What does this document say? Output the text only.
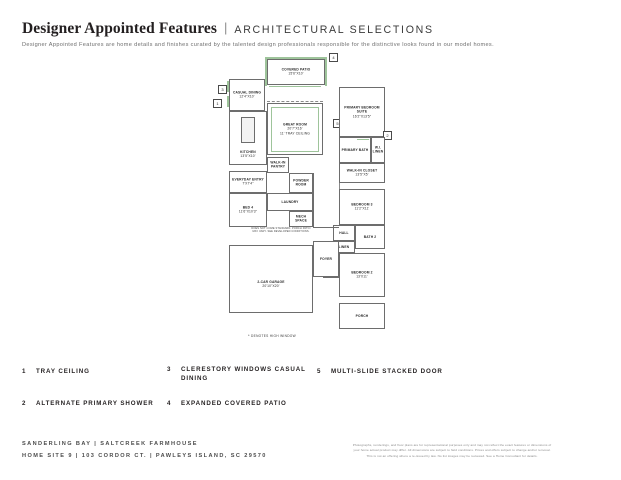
Designer Appointed Features | ARCHITECTURAL SELECTIONS
Designer Appointed Features are home details and finishes curated by the talented design professionals responsible for the distinctive looks found in our model homes.
COVERED PATIO
15'6"X10'
4
CASUAL DINING
12'4"X10'
3
GREAT ROOM
20'7"X16'
11' TRAY CEILING
1
5
PRIMARY BEDROOM SUITE
16'2"X13'5"
PRIMARY BATH
2
W.I. LINEN
WALK-IN CLOSET
13'5"X5'
KITCHEN
13'5"X10'
WALK-IN PANTRY
EVERYDAY ENTRY
7'X7'4"
POWDER ROOM
LAUNDRY
MECH SPACE
BEDROOM 3
11'2"X11'
BATH 2
LINEN
HALL
FOYER
BEDROOM 2
13'X11'
BED 4
11'6"X10'3"
2-CAR GARAGE
20'10"X20'
PORCH
DOES NOT COME STANDARD. PORCH PATIO MAY VARY. SEE DEVELOPED CONDITIONS.
* DENOTES HIGH WINDOW
1	TRAY CEILING
2	ALTERNATE PRIMARY SHOWER
3	CLERESTORY WINDOWS CASUAL DINING
4	EXPANDED COVERED PATIO
5	MULTI-SLIDE STACKED DOOR
SANDERLING BAY | SALTCREEK FARMHOUSE
HOME SITE 9 | 103 CORDOR CT. | PAWLEYS ISLAND, SC 29570
Photographs, renderings, and floor plans are for representational purposes only and may not reflect the exact features or dimensions of
your home actual product may differ. All dimensions are subject to field conditions. Prices and offers subject to change and/or removal.
This is not an offering where a re-issued by law. No list images may be reviewed. See a Home Consultant for details.
